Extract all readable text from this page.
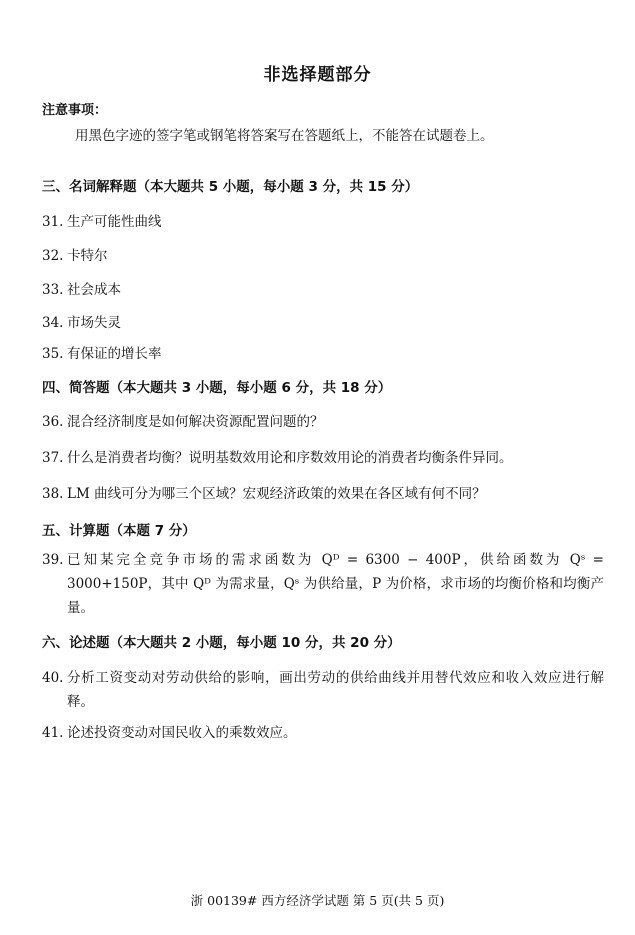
非选择题部分
注意事项：
用黑色字迹的签字笔或钢笔将答案写在答题纸上，不能答在试题卷上。
三、名词解释题（本大题共 5 小题，每小题 3 分，共 15 分）
31. 生产可能性曲线
32. 卡特尔
33. 社会成本
34. 市场失灵
35. 有保证的增长率
四、简答题（本大题共 3 小题，每小题 6 分，共 18 分）
36. 混合经济制度是如何解决资源配置问题的？
37. 什么是消费者均衡？说明基数效用论和序数效用论的消费者均衡条件异同。
38. LM 曲线可分为哪三个区域？宏观经济政策的效果在各区域有何不同？
五、计算题（本题 7 分）
39. 已知某完全竞争市场的需求函数为 Qᴰ = 6300 − 400P，供给函数为 Qˢ = 3000+150P，其中 Qᴰ 为需求量，Qˢ 为供给量，P 为价格，求市场的均衡价格和均衡产量。
六、论述题（本大题共 2 小题，每小题 10 分，共 20 分）
40. 分析工资变动对劳动供给的影响，画出劳动的供给曲线并用替代效应和收入效应进行解释。
41. 论述投资变动对国民收入的乘数效应。
浙 00139# 西方经济学试题 第 5 页(共 5 页)
